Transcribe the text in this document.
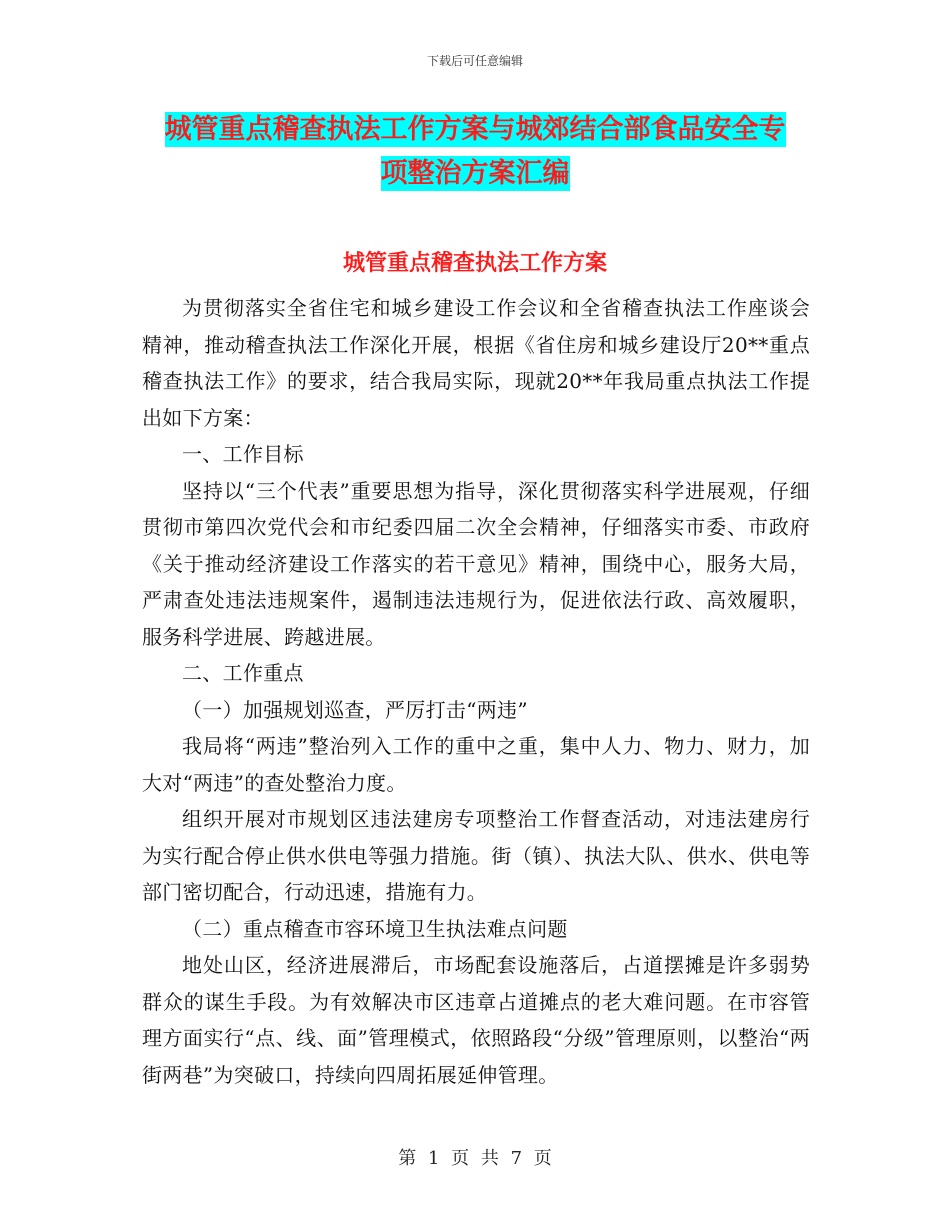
下载后可任意编辑
城管重点稽查执法工作方案与城郊结合部食品安全专
项整治方案汇编
城管重点稽查执法工作方案

为贯彻落实全省住宅和城乡建设工作会议和全省稽查执法工作座谈会精神，推动稽查执法工作深化开展，根据《省住房和城乡建设厅20**重点稽查执法工作》的要求，结合我局实际，现就20**年我局重点执法工作提出如下方案：

一、工作目标

坚持以“三个代表”重要思想为指导，深化贯彻落实科学进展观，仔细贯彻市第四次党代会和市纪委四届二次全会精神，仔细落实市委、市政府《关于推动经济建设工作落实的若干意见》精神，围绕中心，服务大局，严肃查处违法违规案件，遏制违法违规行为，促进依法行政、高效履职，服务科学进展、跨越进展。

二、工作重点

（一）加强规划巡查，严厉打击“两违”

我局将“两违”整治列入工作的重中之重，集中人力、物力、财力，加大对“两违”的查处整治力度。

组织开展对市规划区违法建房专项整治工作督查活动，对违法建房行为实行配合停止供水供电等强力措施。街（镇）、执法大队、供水、供电等部门密切配合，行动迅速，措施有力。

（二）重点稽查市容环境卫生执法难点问题

地处山区，经济进展滞后，市场配套设施落后，占道摆摊是许多弱势群众的谋生手段。为有效解决市区违章占道摊点的老大难问题。在市容管理方面实行“点、线、面”管理模式，依照路段“分级”管理原则，以整治“两街两巷”为突破口，持续向四周拓展延伸管理。

第 1 页 共 7 页
